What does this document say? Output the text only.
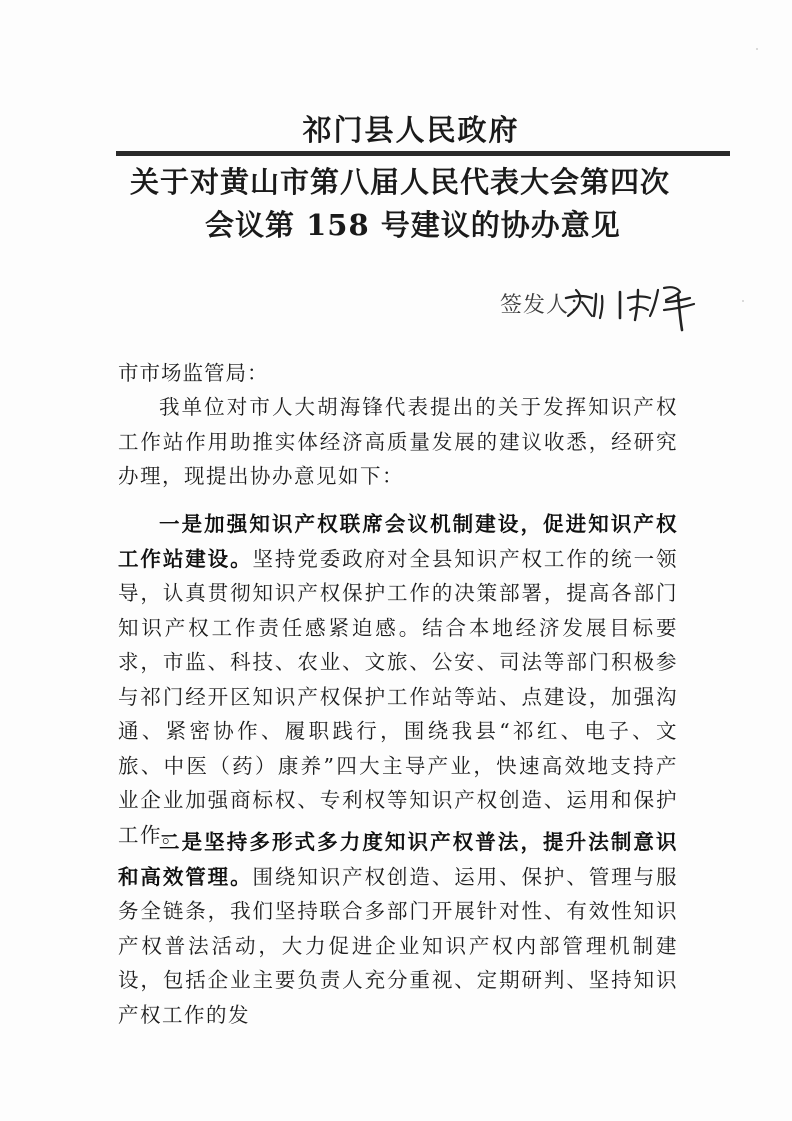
祁门县人民政府
关于对黄山市第八届人民代表大会第四次
会议第 158 号建议的协办意见
签发人：
市市场监管局：

我单位对市人大胡海锋代表提出的关于发挥知识产权工作站作用助推实体经济高质量发展的建议收悉，经研究办理，现提出协办意见如下：

一是加强知识产权联席会议机制建设，促进知识产权工作站建设。坚持党委政府对全县知识产权工作的统一领导，认真贯彻知识产权保护工作的决策部署，提高各部门知识产权工作责任感紧迫感。结合本地经济发展目标要求，市监、科技、农业、文旅、公安、司法等部门积极参与祁门经开区知识产权保护工作站等站、点建设，加强沟通、紧密协作、履职践行，围绕我县“祁红、电子、文旅、中医（药）康养”四大主导产业，快速高效地支持产业企业加强商标权、专利权等知识产权创造、运用和保护工作。

二是坚持多形式多力度知识产权普法，提升法制意识和高效管理。围绕知识产权创造、运用、保护、管理与服务全链条，我们坚持联合多部门开展针对性、有效性知识产权普法活动，大力促进企业知识产权内部管理机制建设，包括企业主要负责人充分重视、定期研判、坚持知识产权工作的发
